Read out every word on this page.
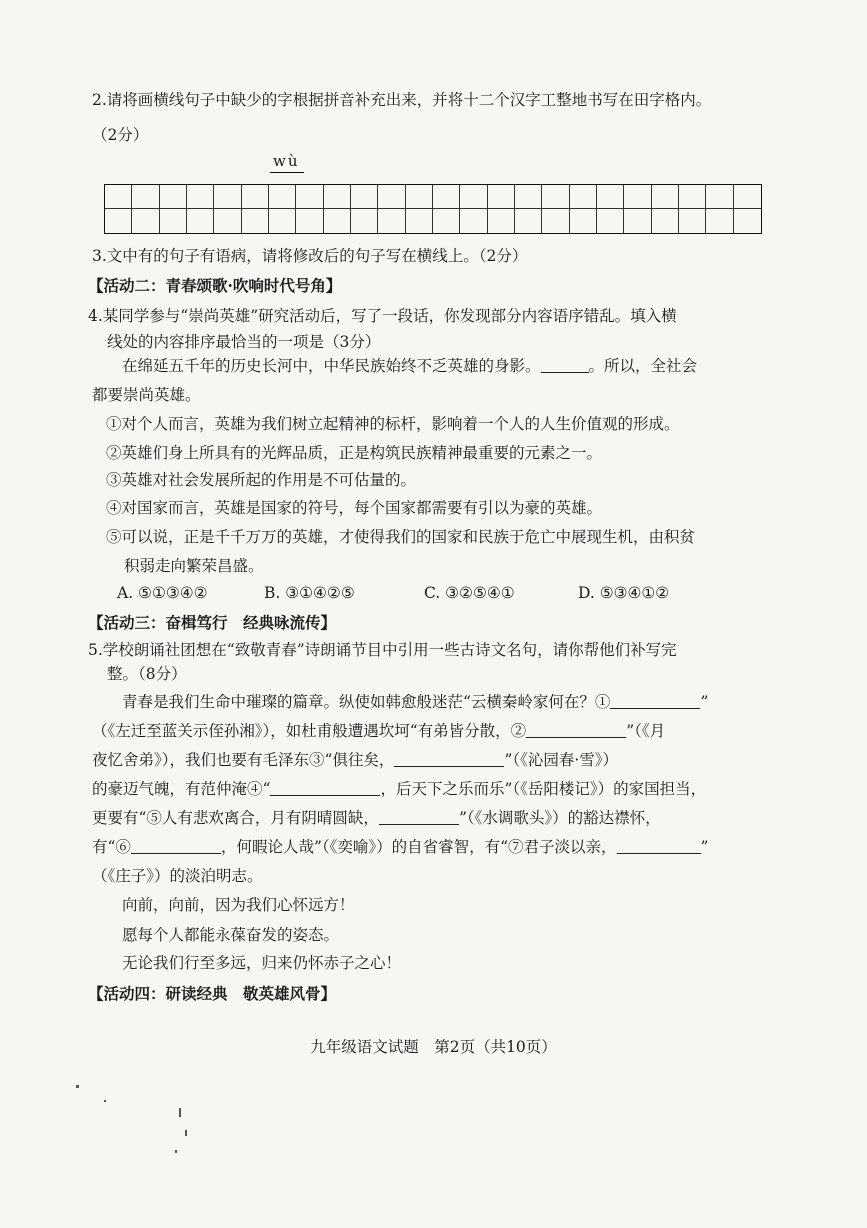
2.请将画横线句子中缺少的字根据拼音补充出来，并将十二个汉字工整地书写在田字格内。
（2分）
wù
3.文中有的句子有语病，请将修改后的句子写在横线上。（2分）
【活动二：青春颂歌·吹响时代号角】
4.某同学参与“崇尚英雄”研究活动后，写了一段话，你发现部分内容语序错乱。填入横
线处的内容排序最恰当的一项是（3分）
在绵延五千年的历史长河中，中华民族始终不乏英雄的身影。	。所以，全社会
都要崇尚英雄。
①对个人而言，英雄为我们树立起精神的标杆，影响着一个人的人生价值观的形成。
②英雄们身上所具有的光辉品质，正是构筑民族精神最重要的元素之一。
③英雄对社会发展所起的作用是不可估量的。
④对国家而言，英雄是国家的符号，每个国家都需要有引以为豪的英雄。
⑤可以说，正是千千万万的英雄，才使得我们的国家和民族于危亡中展现生机，由积贫
积弱走向繁荣昌盛。
A. ⑤①③④②	B. ③①④②⑤	C. ③②⑤④①	D. ⑤③④①②
【活动三：奋楫笃行　经典咏流传】
5.学校朗诵社团想在“致敬青春”诗朗诵节目中引用一些古诗文名句，请你帮他们补写完
整。（8分）
青春是我们生命中璀璨的篇章。纵使如韩愈般迷茫“云横秦岭家何在？①	”
（《左迁至蓝关示侄孙湘》），如杜甫般遭遇坎坷“有弟皆分散，②	”（《月
夜忆舍弟》），我们也要有毛泽东③“俱往矣，	”（《沁园春·雪》）
的豪迈气魄，有范仲淹④“	，后天下之乐而乐”（《岳阳楼记》）的家国担当，
更要有“⑤人有悲欢离合，月有阴晴圆缺，	”（《水调歌头》）的豁达襟怀，
有“⑥	，何暇论人哉”（《奕喻》）的自省睿智，有“⑦君子淡以亲，	”
（《庄子》）的淡泊明志。
向前，向前，因为我们心怀远方！
愿每个人都能永葆奋发的姿态。
无论我们行至多远，归来仍怀赤子之心！
【活动四：研读经典　敬英雄风骨】
九年级语文试题　第2页（共10页）
